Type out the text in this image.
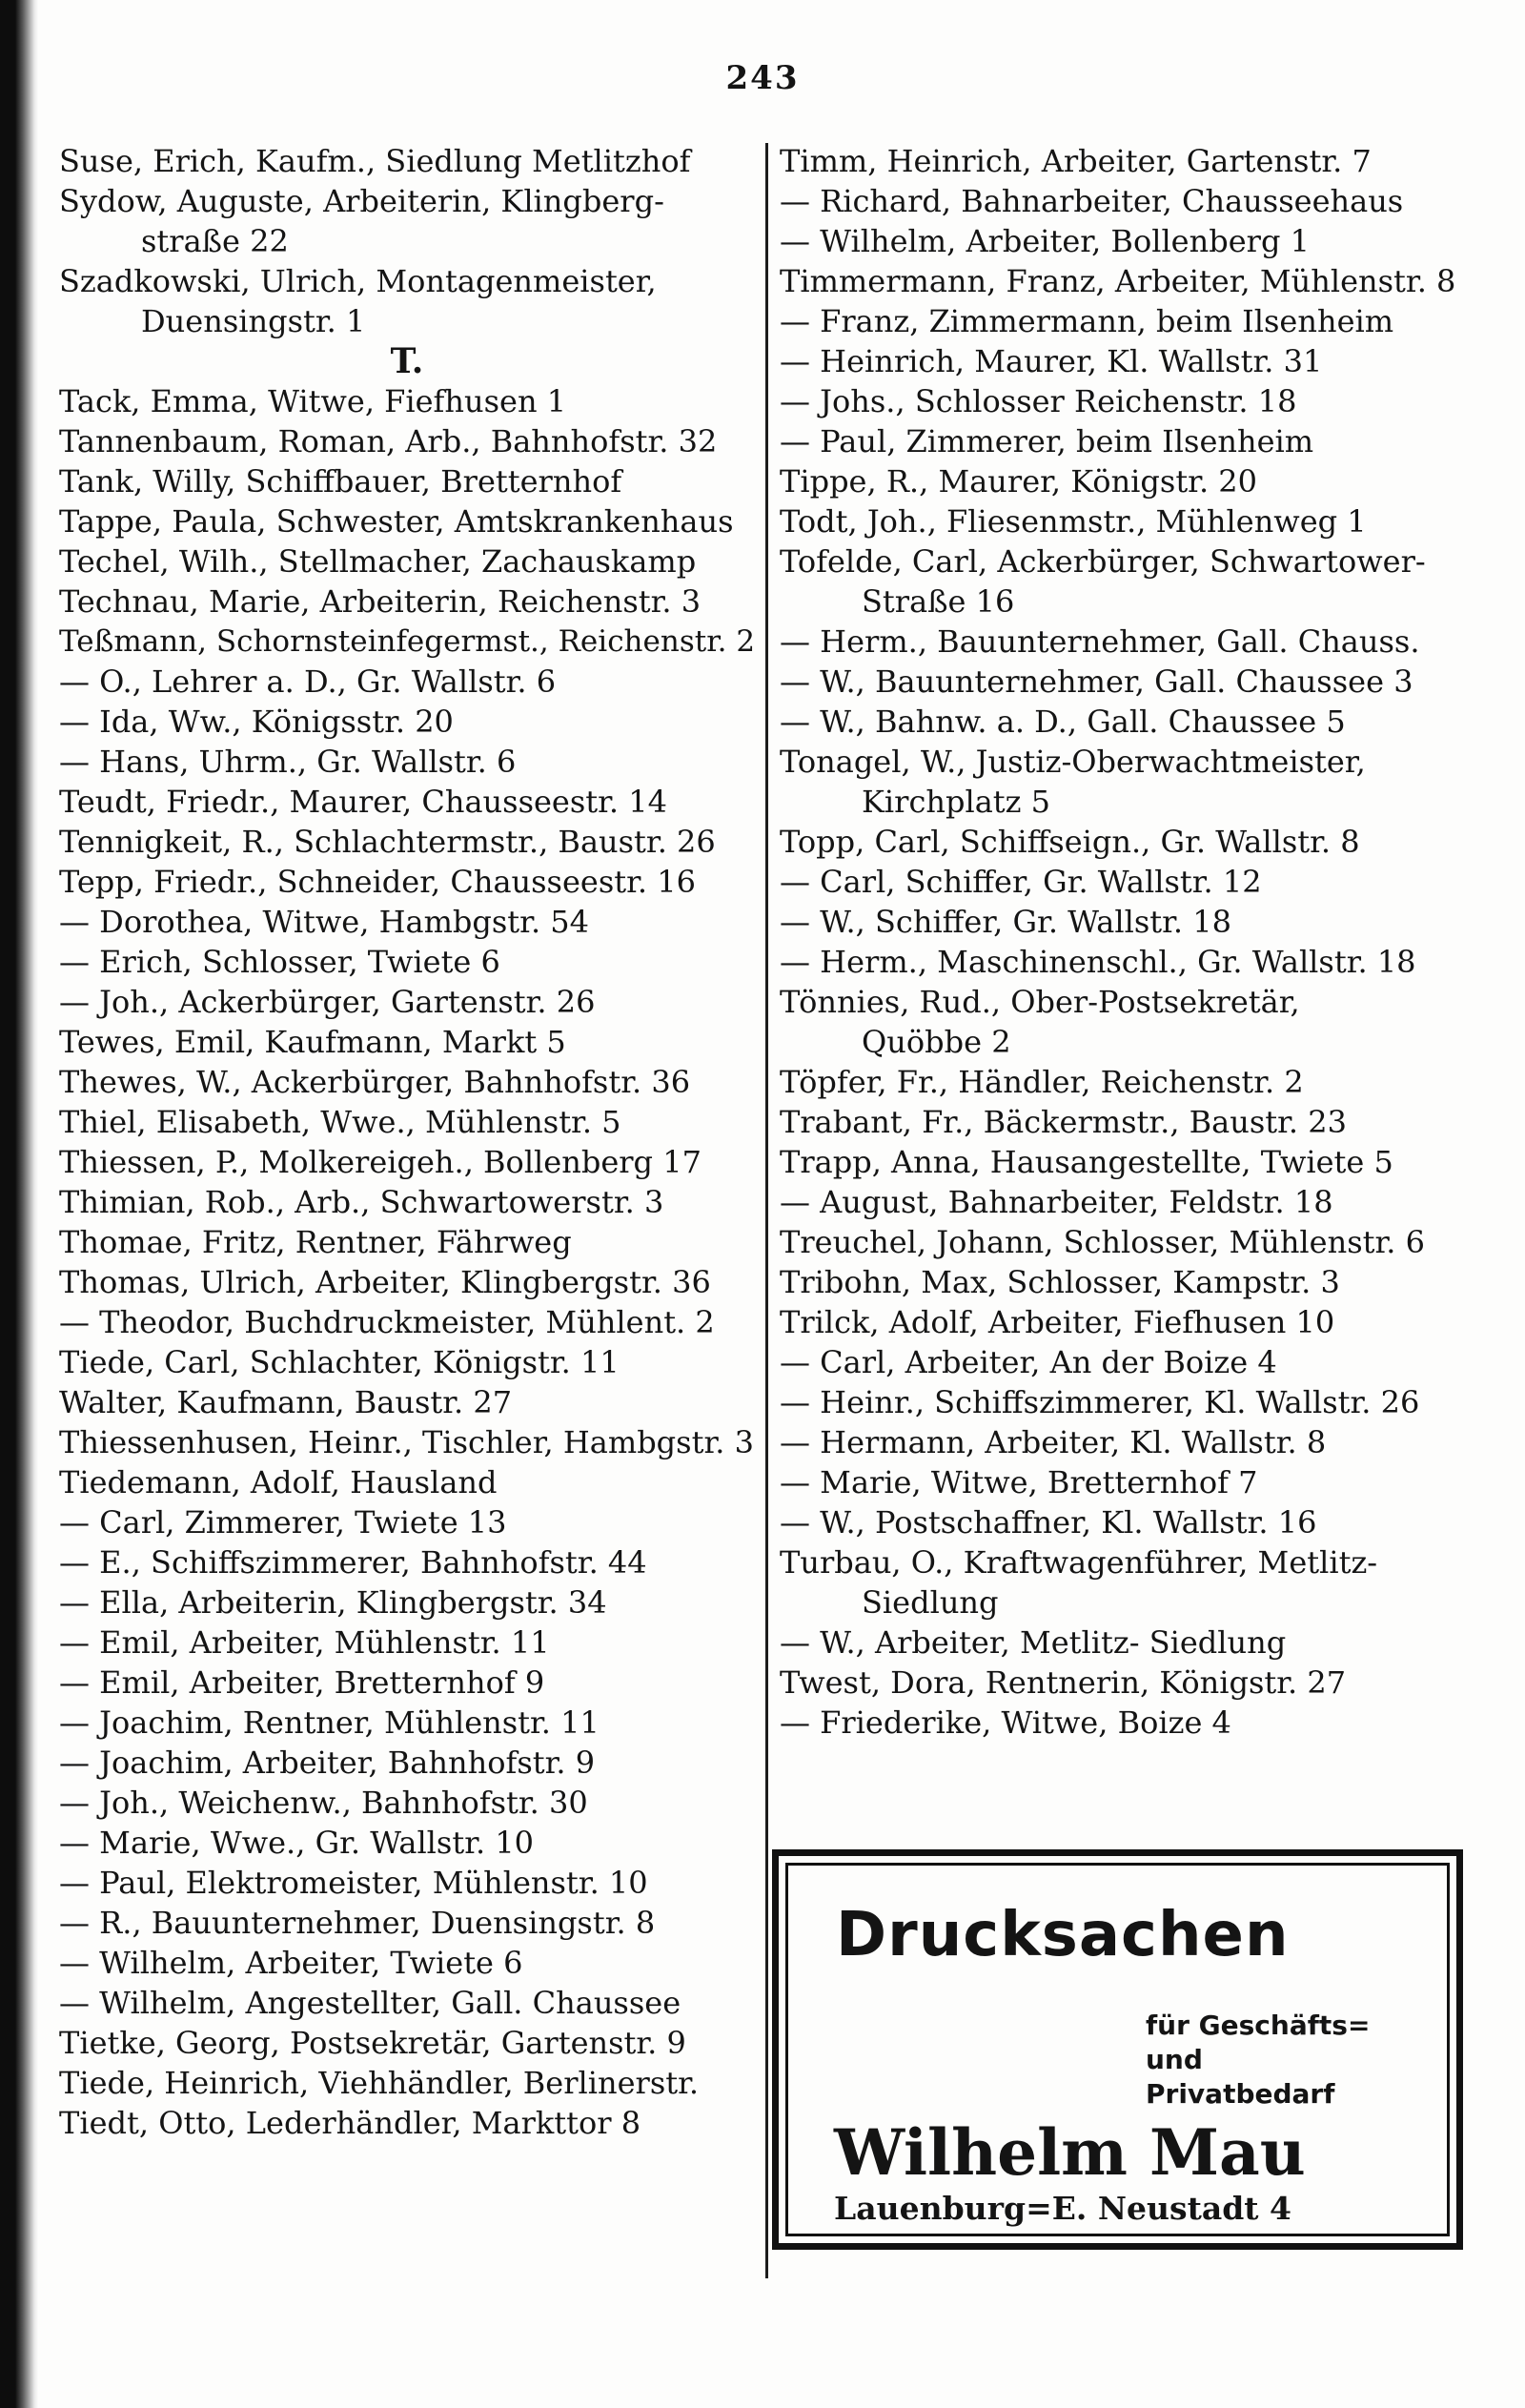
243
Suse, Erich, Kaufm., Siedlung Metlitzhof
Sydow, Auguste, Arbeiterin, Klingberg-
straße 22
Szadkowski, Ulrich, Montagenmeister,
Duensingstr. 1
T.
Tack, Emma, Witwe, Fiefhusen 1
Tannenbaum, Roman, Arb., Bahnhofstr. 32
Tank, Willy, Schiffbauer, Bretternhof
Tappe, Paula, Schwester, Amtskrankenhaus
Techel, Wilh., Stellmacher, Zachauskamp
Technau, Marie, Arbeiterin, Reichenstr. 3
Teßmann, Schornsteinfegermst., Reichenstr. 2
— O., Lehrer a. D., Gr. Wallstr. 6
— Ida, Ww., Königsstr. 20
— Hans, Uhrm., Gr. Wallstr. 6
Teudt, Friedr., Maurer, Chausseestr. 14
Tennigkeit, R., Schlachtermstr., Baustr. 26
Tepp, Friedr., Schneider, Chausseestr. 16
— Dorothea, Witwe, Hambgstr. 54
— Erich, Schlosser, Twiete 6
— Joh., Ackerbürger, Gartenstr. 26
Tewes, Emil, Kaufmann, Markt 5
Thewes, W., Ackerbürger, Bahnhofstr. 36
Thiel, Elisabeth, Wwe., Mühlenstr. 5
Thiessen, P., Molkereigeh., Bollenberg 17
Thimian, Rob., Arb., Schwartowerstr. 3
Thomae, Fritz, Rentner, Fährweg
Thomas, Ulrich, Arbeiter, Klingbergstr. 36
— Theodor, Buchdruckmeister, Mühlent. 2
Tiede, Carl, Schlachter, Königstr. 11
Walter, Kaufmann, Baustr. 27
Thiessenhusen, Heinr., Tischler, Hambgstr. 3
Tiedemann, Adolf, Hausland
— Carl, Zimmerer, Twiete 13
— E., Schiffszimmerer, Bahnhofstr. 44
— Ella, Arbeiterin, Klingbergstr. 34
— Emil, Arbeiter, Mühlenstr. 11
— Emil, Arbeiter, Bretternhof 9
— Joachim, Rentner, Mühlenstr. 11
— Joachim, Arbeiter, Bahnhofstr. 9
— Joh., Weichenw., Bahnhofstr. 30
— Marie, Wwe., Gr. Wallstr. 10
— Paul, Elektromeister, Mühlenstr. 10
— R., Bauunternehmer, Duensingstr. 8
— Wilhelm, Arbeiter, Twiete 6
— Wilhelm, Angestellter, Gall. Chaussee
Tietke, Georg, Postsekretär, Gartenstr. 9
Tiede, Heinrich, Viehhändler, Berlinerstr.
Tiedt, Otto, Lederhändler, Markttor 8
Timm, Heinrich, Arbeiter, Gartenstr. 7
— Richard, Bahnarbeiter, Chausseehaus
— Wilhelm, Arbeiter, Bollenberg 1
Timmermann, Franz, Arbeiter, Mühlenstr. 8
— Franz, Zimmermann, beim Ilsenheim
— Heinrich, Maurer, Kl. Wallstr. 31
— Johs., Schlosser Reichenstr. 18
— Paul, Zimmerer, beim Ilsenheim
Tippe, R., Maurer, Königstr. 20
Todt, Joh., Fliesenmstr., Mühlenweg 1
Tofelde, Carl, Ackerbürger, Schwartower-
Straße 16
— Herm., Bauunternehmer, Gall. Chauss.
— W., Bauunternehmer, Gall. Chaussee 3
— W., Bahnw. a. D., Gall. Chaussee 5
Tonagel, W., Justiz-Oberwachtmeister,
Kirchplatz 5
Topp, Carl, Schiffseign., Gr. Wallstr. 8
— Carl, Schiffer, Gr. Wallstr. 12
— W., Schiffer, Gr. Wallstr. 18
— Herm., Maschinenschl., Gr. Wallstr. 18
Tönnies, Rud., Ober-Postsekretär,
Quöbbe 2
Töpfer, Fr., Händler, Reichenstr. 2
Trabant, Fr., Bäckermstr., Baustr. 23
Trapp, Anna, Hausangestellte, Twiete 5
— August, Bahnarbeiter, Feldstr. 18
Treuchel, Johann, Schlosser, Mühlenstr. 6
Tribohn, Max, Schlosser, Kampstr. 3
Trilck, Adolf, Arbeiter, Fiefhusen 10
— Carl, Arbeiter, An der Boize 4
— Heinr., Schiffszimmerer, Kl. Wallstr. 26
— Hermann, Arbeiter, Kl. Wallstr. 8
— Marie, Witwe, Bretternhof 7
— W., Postschaffner, Kl. Wallstr. 16
Turbau, O., Kraftwagenführer, Metlitz-
Siedlung
— W., Arbeiter, Metlitz- Siedlung
Twest, Dora, Rentnerin, Königstr. 27
— Friederike, Witwe, Boize 4
Drucksachen
für Geschäfts=
und
Privatbedarf
Wilhelm Mau
Lauenburg=E. Neustadt 4
